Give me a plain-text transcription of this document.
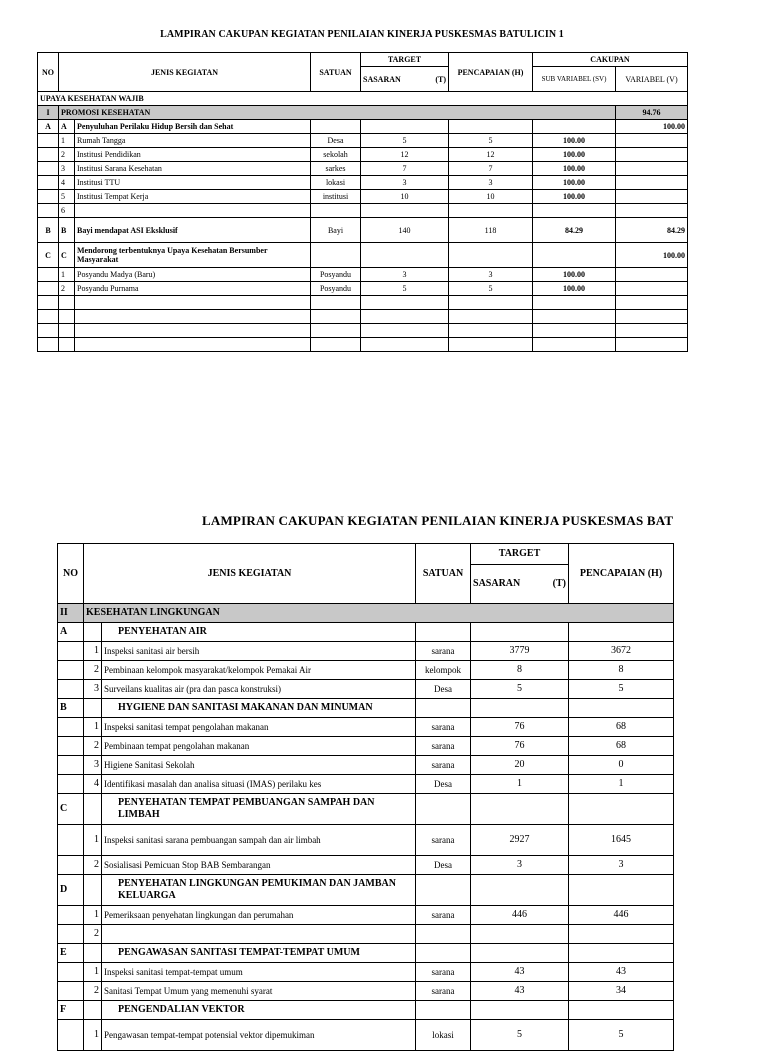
LAMPIRAN CAKUPAN KEGIATAN PENILAIAN KINERJA PUSKESMAS BATULICIN 1
NO	JENIS KEGIATAN		SATUAN	TARGET	PENCAPAIAN (H)	CAKUPAN	
				SASARAN (T)		SUB VARIABEL (SV)	VARIABEL (V)
UPAYA KESEHATAN WAJIB							
I	PROMOSI KESEHATAN						94.76
A	A	Penyuluhan Perilaku Hidup Bersih dan Sehat					100.00
	1	Rumah Tangga	Desa	5	5	100.00	
	2	Institusi Pendidikan	sekolah	12	12	100.00	
	3	Institusi Sarana Kesehatan	sarkes	7	7	100.00	
	4	Institusi TTU	lokasi	3	3	100.00	
	5	Institusi Tempat Kerja	institusi	10	10	100.00	
	6						
B	B	Bayi mendapat ASI Eksklusif	Bayi	140	118	84.29	84.29
C	C	Mendorong terbentuknya Upaya Kesehatan Bersumber Masyarakat					100.00
	1	Posyandu Madya (Baru)	Posyandu	3	3	100.00	
	2	Posyandu Purnama	Posyandu	5	5	100.00	

LAMPIRAN CAKUPAN KEGIATAN PENILAIAN KINERJA PUSKESMAS BAT
NO	JENIS KEGIATAN		SATUAN	TARGET	PENCAPAIAN (H)
				SASARAN (T)	

II	KESEHATAN LINGKUNGAN				
A		PENYEHATAN AIR			
	1	Inspeksi sanitasi air bersih	sarana	3779	3672
	2	Pembinaan kelompok masyarakat/kelompok Pemakai Air	kelompok	8	8
	3	Surveilans kualitas air (pra dan pasca konstruksi)	Desa	5	5
B		HYGIENE DAN SANITASI MAKANAN DAN MINUMAN			
	1	Inspeksi sanitasi tempat pengolahan makanan	sarana	76	68
	2	Pembinaan tempat pengolahan makanan	sarana	76	68
	3	Higiene Sanitasi Sekolah	sarana	20	0
	4	Identifikasi masalah dan analisa situasi (IMAS) perilaku kes	Desa	1	1
C		PENYEHATAN TEMPAT PEMBUANGAN SAMPAH DAN LIMBAH			
	1	Inspeksi sanitasi sarana pembuangan sampah dan air limbah	sarana	2927	1645
	2	Sosialisasi Pemicuan Stop BAB Sembarangan	Desa	3	3
D		PENYEHATAN LINGKUNGAN PEMUKIMAN DAN JAMBAN KELUARGA			
	1	Pemeriksaan penyehatan lingkungan dan perumahan	sarana	446	446
	2				
E		PENGAWASAN SANITASI TEMPAT-TEMPAT UMUM			
	1	Inspeksi sanitasi tempat-tempat umum	sarana	43	43
	2	Sanitasi Tempat Umum yang memenuhi syarat	sarana	43	34
F		PENGENDALIAN VEKTOR			
	1	Pengawasan tempat-tempat potensial vektor dipemukiman	lokasi	5	5
